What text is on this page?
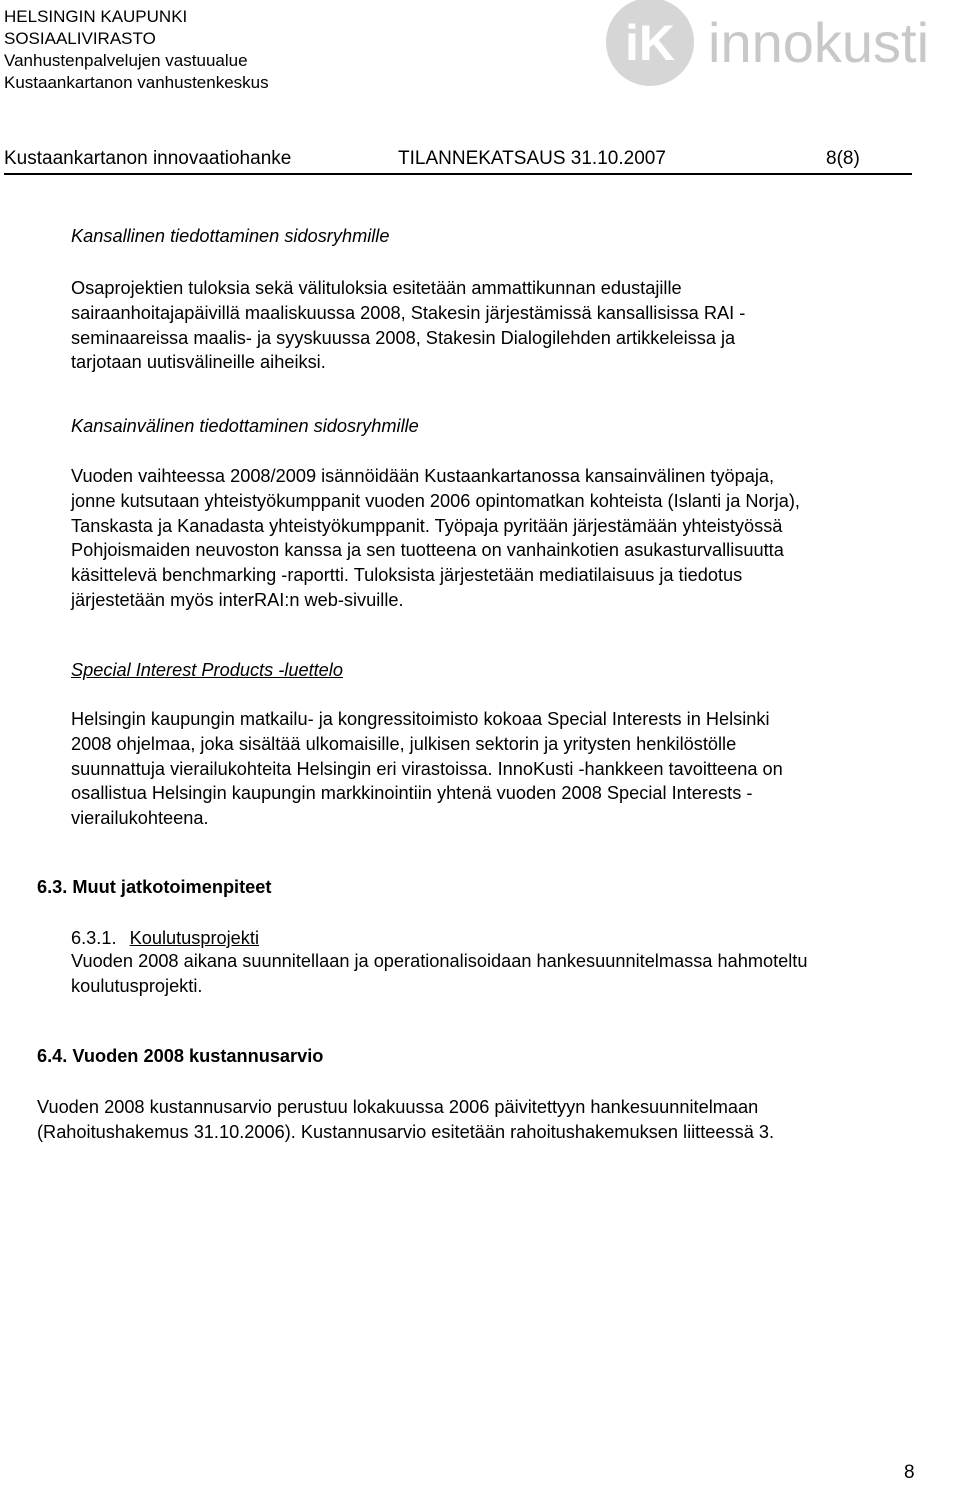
HELSINGIN KAUPUNKI
SOSIAALIVIRASTO
Vanhustenpalvelujen vastuualue
Kustaankartanon vanhustenkeskus
iK innokusti
Kustaankartanon innovaatiohanke	TILANNEKATSAUS 31.10.2007	8(8)
Kansallinen tiedottaminen sidosryhmille
Osaprojektien tuloksia sekä välituloksia esitetään ammattikunnan edustajille
sairaanhoitajapäivillä maaliskuussa 2008, Stakesin järjestämissä kansallisissa RAI -
seminaareissa maalis- ja syyskuussa 2008, Stakesin Dialogilehden artikkeleissa ja
tarjotaan uutisvälineille aiheiksi.
Kansainvälinen tiedottaminen sidosryhmille
Vuoden vaihteessa 2008/2009 isännöidään Kustaankartanossa kansainvälinen työpaja,
jonne kutsutaan yhteistyökumppanit vuoden 2006 opintomatkan kohteista (Islanti ja Norja),
Tanskasta ja Kanadasta yhteistyökumppanit. Työpaja pyritään järjestämään yhteistyössä
Pohjoismaiden neuvoston kanssa ja sen tuotteena on vanhainkotien asukasturvallisuutta
käsittelevä benchmarking -raportti. Tuloksista järjestetään mediatilaisuus ja tiedotus
järjestetään myös interRAI:n web-sivuille.
Special Interest Products -luettelo
Helsingin kaupungin matkailu- ja kongressitoimisto kokoaa Special Interests in Helsinki
2008 ohjelmaa, joka sisältää ulkomaisille, julkisen sektorin ja yritysten henkilöstölle
suunnattuja vierailukohteita Helsingin eri virastoissa. InnoKusti -hankkeen tavoitteena on
osallistua Helsingin kaupungin markkinointiin yhtenä vuoden 2008 Special Interests -
vierailukohteena.
6.3. Muut jatkotoimenpiteet
6.3.1. Koulutusprojekti
Vuoden 2008 aikana suunnitellaan ja operationalisoidaan hankesuunnitelmassa hahmoteltu
koulutusprojekti.
6.4. Vuoden 2008 kustannusarvio
Vuoden 2008 kustannusarvio perustuu lokakuussa 2006 päivitettyyn hankesuunnitelmaan
(Rahoitushakemus 31.10.2006). Kustannusarvio esitetään rahoitushakemuksen liitteessä 3.
8
